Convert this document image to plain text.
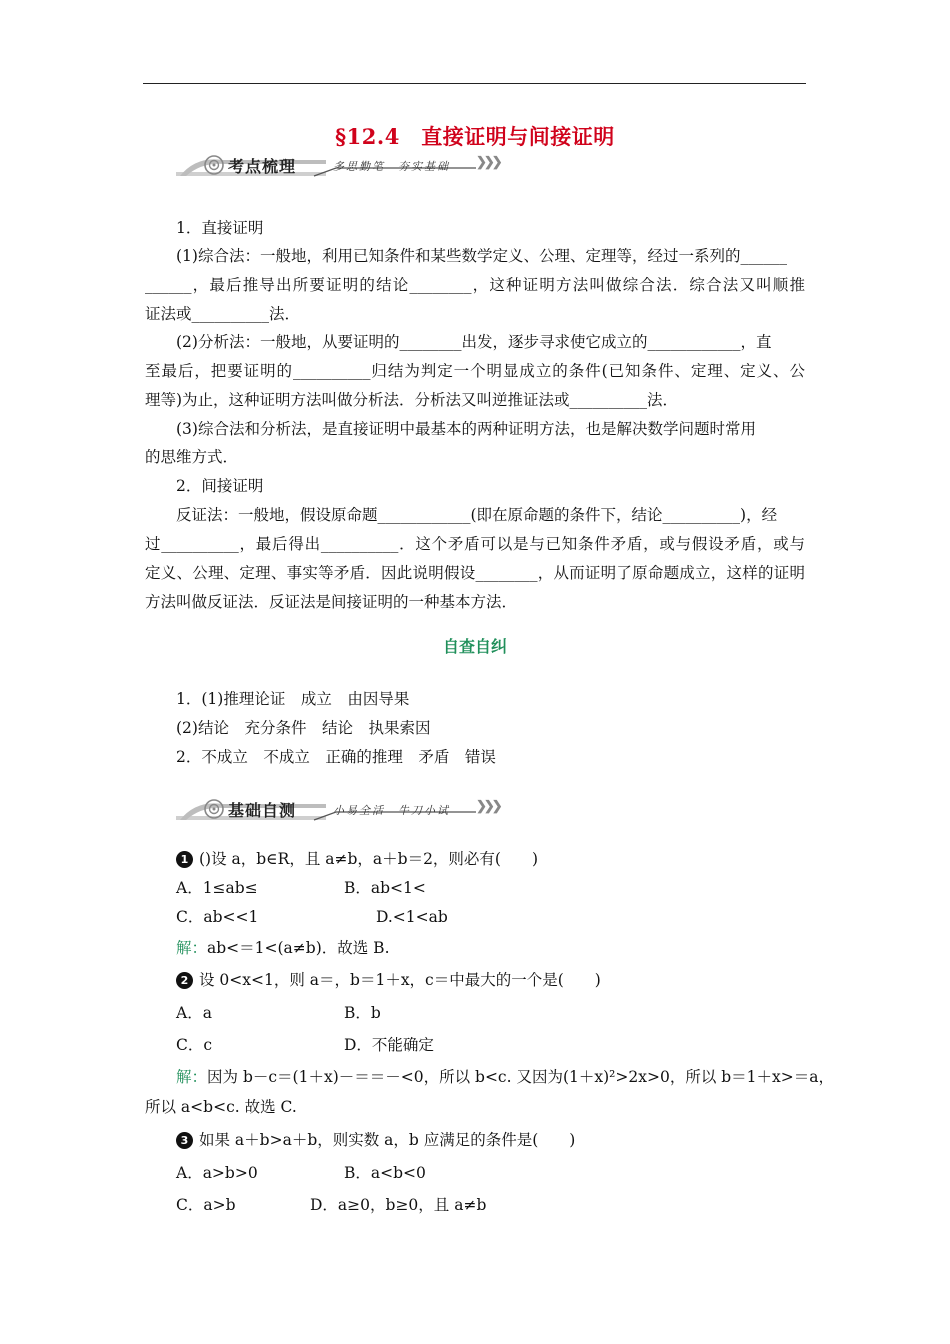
§12.4　直接证明与间接证明
考点梳理	多思勤笔　夯实基础 ❯❯❯
1．直接证明
(1)综合法：一般地，利用已知条件和某些数学定义、公理、定理等，经过一系列的______
______，最后推导出所要证明的结论________，这种证明方法叫做综合法．综合法又叫顺推
证法或__________法．
(2)分析法：一般地，从要证明的________出发，逐步寻求使它成立的____________，直
至最后，把要证明的__________归结为判定一个明显成立的条件(已知条件、定理、定义、公
理等)为止，这种证明方法叫做分析法．分析法又叫逆推证法或__________法．
(3)综合法和分析法，是直接证明中最基本的两种证明方法，也是解决数学问题时常用
的思维方式．
2．间接证明
反证法：一般地，假设原命题____________(即在原命题的条件下，结论__________)，经
过__________，最后得出__________．这个矛盾可以是与已知条件矛盾，或与假设矛盾，或与
定义、公理、定理、事实等矛盾．因此说明假设________，从而证明了原命题成立，这样的证明
方法叫做反证法．反证法是间接证明的一种基本方法．
自查自纠
1．(1)推理论证　成立　由因导果
(2)结论　充分条件　结论　执果索因
2．不成立　不成立　正确的推理　矛盾　错误
基础自测	小易全活　牛刀小试 ❯❯❯
1 ()设 a，b∈R，且 a≠b，a＋b＝2，则必有(　　)
A．1≤ab≤	B．ab<1<
C．ab<<1	D.<1<ab
解：ab<＝1<(a≠b)．故选 B.
2 设 0<x<1，则 a＝，b＝1＋x，c＝中最大的一个是(　　)
A．a	B．b
C．c	D．不能确定
解：因为 b－c＝(1＋x)－＝＝－<0，所以 b<c. 又因为(1＋x)²>2x>0，所以 b＝1＋x>＝a，
所以 a<b<c. 故选 C.
3 如果 a＋b>a＋b，则实数 a，b 应满足的条件是(　　)
A．a>b>0	B．a<b<0
C．a>b	D．a≥0，b≥0，且 a≠b
